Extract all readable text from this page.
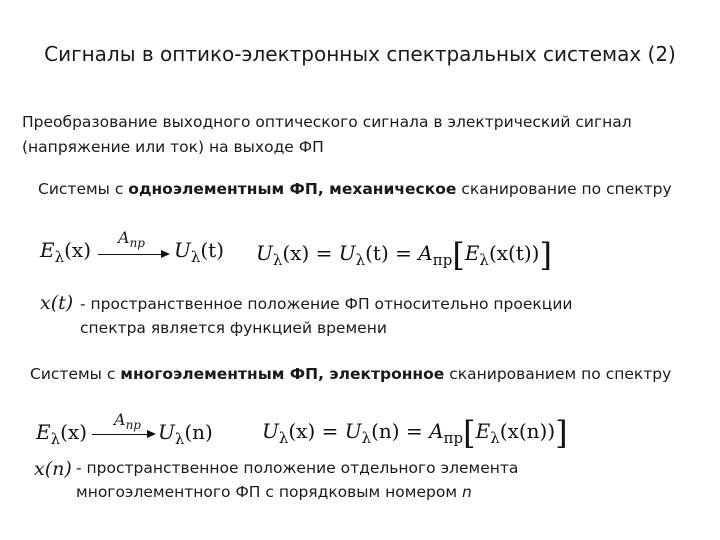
Сигналы в оптико-электронных спектральных системах (2)
Преобразование выходного оптического сигнала в электрический сигнал
(напряжение или ток) на выходе ФП
Системы с одноэлементным ФП, механическое сканирование по спектру
$E_\lambda(x)$
$A_{пр}$ $U_\lambda(t) U_\lambda(x) = U_\lambda(t) = A_{пр}[E_\lambda(x(t))]$
x(t) - пространственное положение ФП относительно проекции
спектра является функцией времени
Системы с многоэлементным ФП, электронное сканированием по спектру
$E_\lambda(x)$
$A_{пр}$ $U_\lambda(n) U_\lambda(x) = U_\lambda(n) = A_{пр}[E_\lambda(x(n))]$
x(n) - пространственное положение отдельного элемента
многоэлементного ФП с порядковым номером n
